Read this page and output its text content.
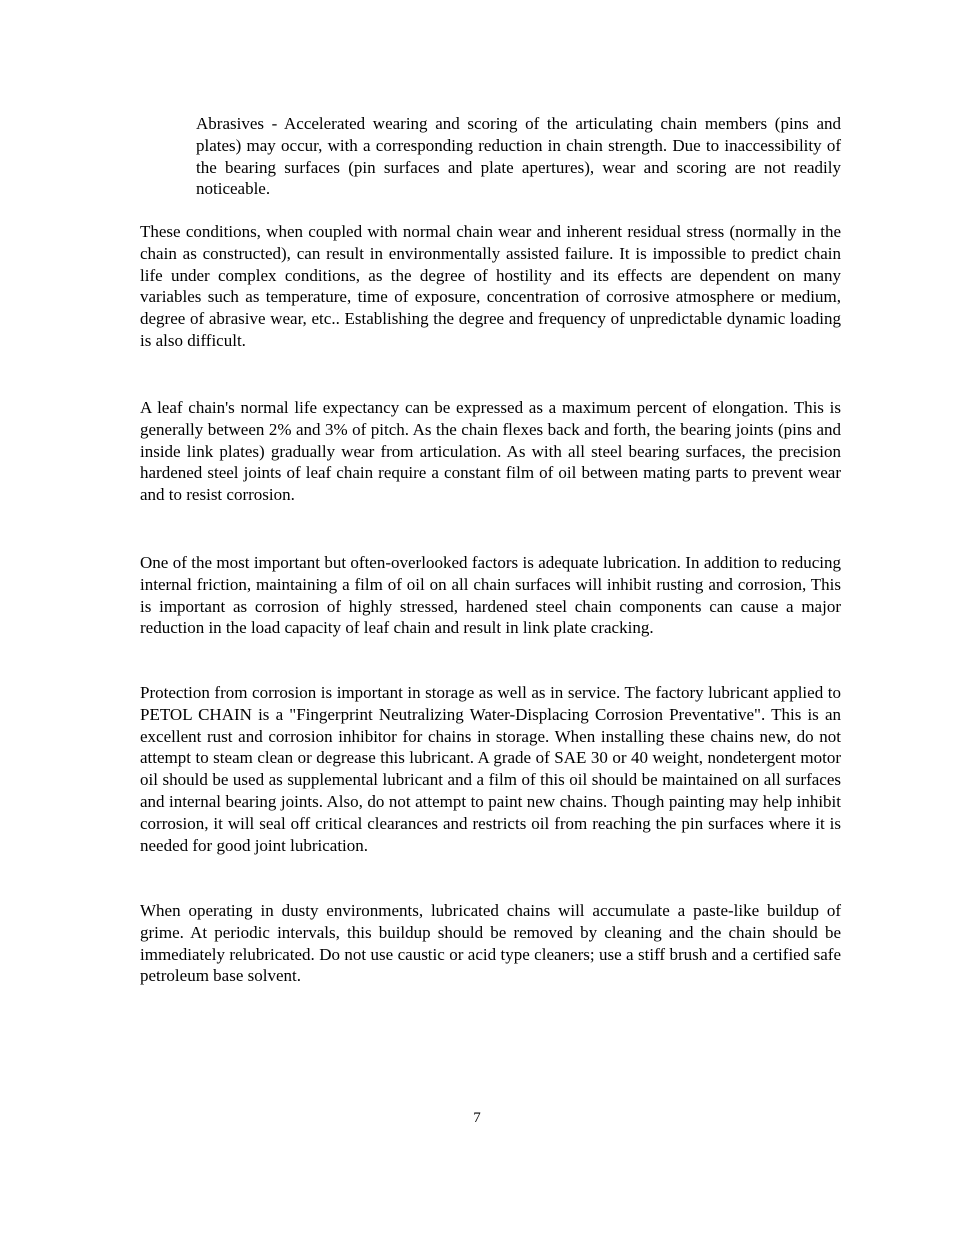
Abrasives - Accelerated wearing and scoring of the articulating chain members (pins and plates) may occur, with a corresponding reduction in chain strength. Due to inaccessibility of the bearing surfaces (pin surfaces and plate apertures), wear and scoring are not readily noticeable.

These conditions, when coupled with normal chain wear and inherent residual stress (normally in the chain as constructed), can result in environmentally assisted failure. It is impossible to predict chain life under complex conditions, as the degree of hostility and its effects are dependent on many variables such as temperature, time of exposure, concentration of corrosive atmosphere or medium, degree of abrasive wear, etc.. Establishing the degree and frequency of unpredictable dynamic loading is also difficult.

A leaf chain's normal life expectancy can be expressed as a maximum percent of elongation. This is generally between 2% and 3% of pitch. As the chain flexes back and forth, the bearing joints (pins and inside link plates) gradually wear from articulation. As with all steel bearing surfaces, the precision hardened steel joints of leaf chain require a constant film of oil between mating parts to prevent wear and to resist corrosion.

One of the most important but often-overlooked factors is adequate lubrication. In addition to reducing internal friction, maintaining a film of oil on all chain surfaces will inhibit rusting and corrosion, This is important as corrosion of highly stressed, hardened steel chain components can cause a major reduction in the load capacity of leaf chain and result in link plate cracking.

Protection from corrosion is important in storage as well as in service. The factory lubricant applied to PETOL CHAIN is a "Fingerprint Neutralizing Water-Displacing Corrosion Preventative". This is an excellent rust and corrosion inhibitor for chains in storage. When installing these chains new, do not attempt to steam clean or degrease this lubricant. A grade of SAE 30 or 40 weight, nondetergent motor oil should be used as supplemental lubricant and a film of this oil should be maintained on all surfaces and internal bearing joints. Also, do not attempt to paint new chains. Though painting may help inhibit corrosion, it will seal off critical clearances and restricts oil from reaching the pin surfaces where it is needed for good joint lubrication.

When operating in dusty environments, lubricated chains will accumulate a paste-like buildup of grime. At periodic intervals, this buildup should be removed by cleaning and the chain should be immediately relubricated. Do not use caustic or acid type cleaners; use a stiff brush and a certified safe petroleum base solvent.

7
